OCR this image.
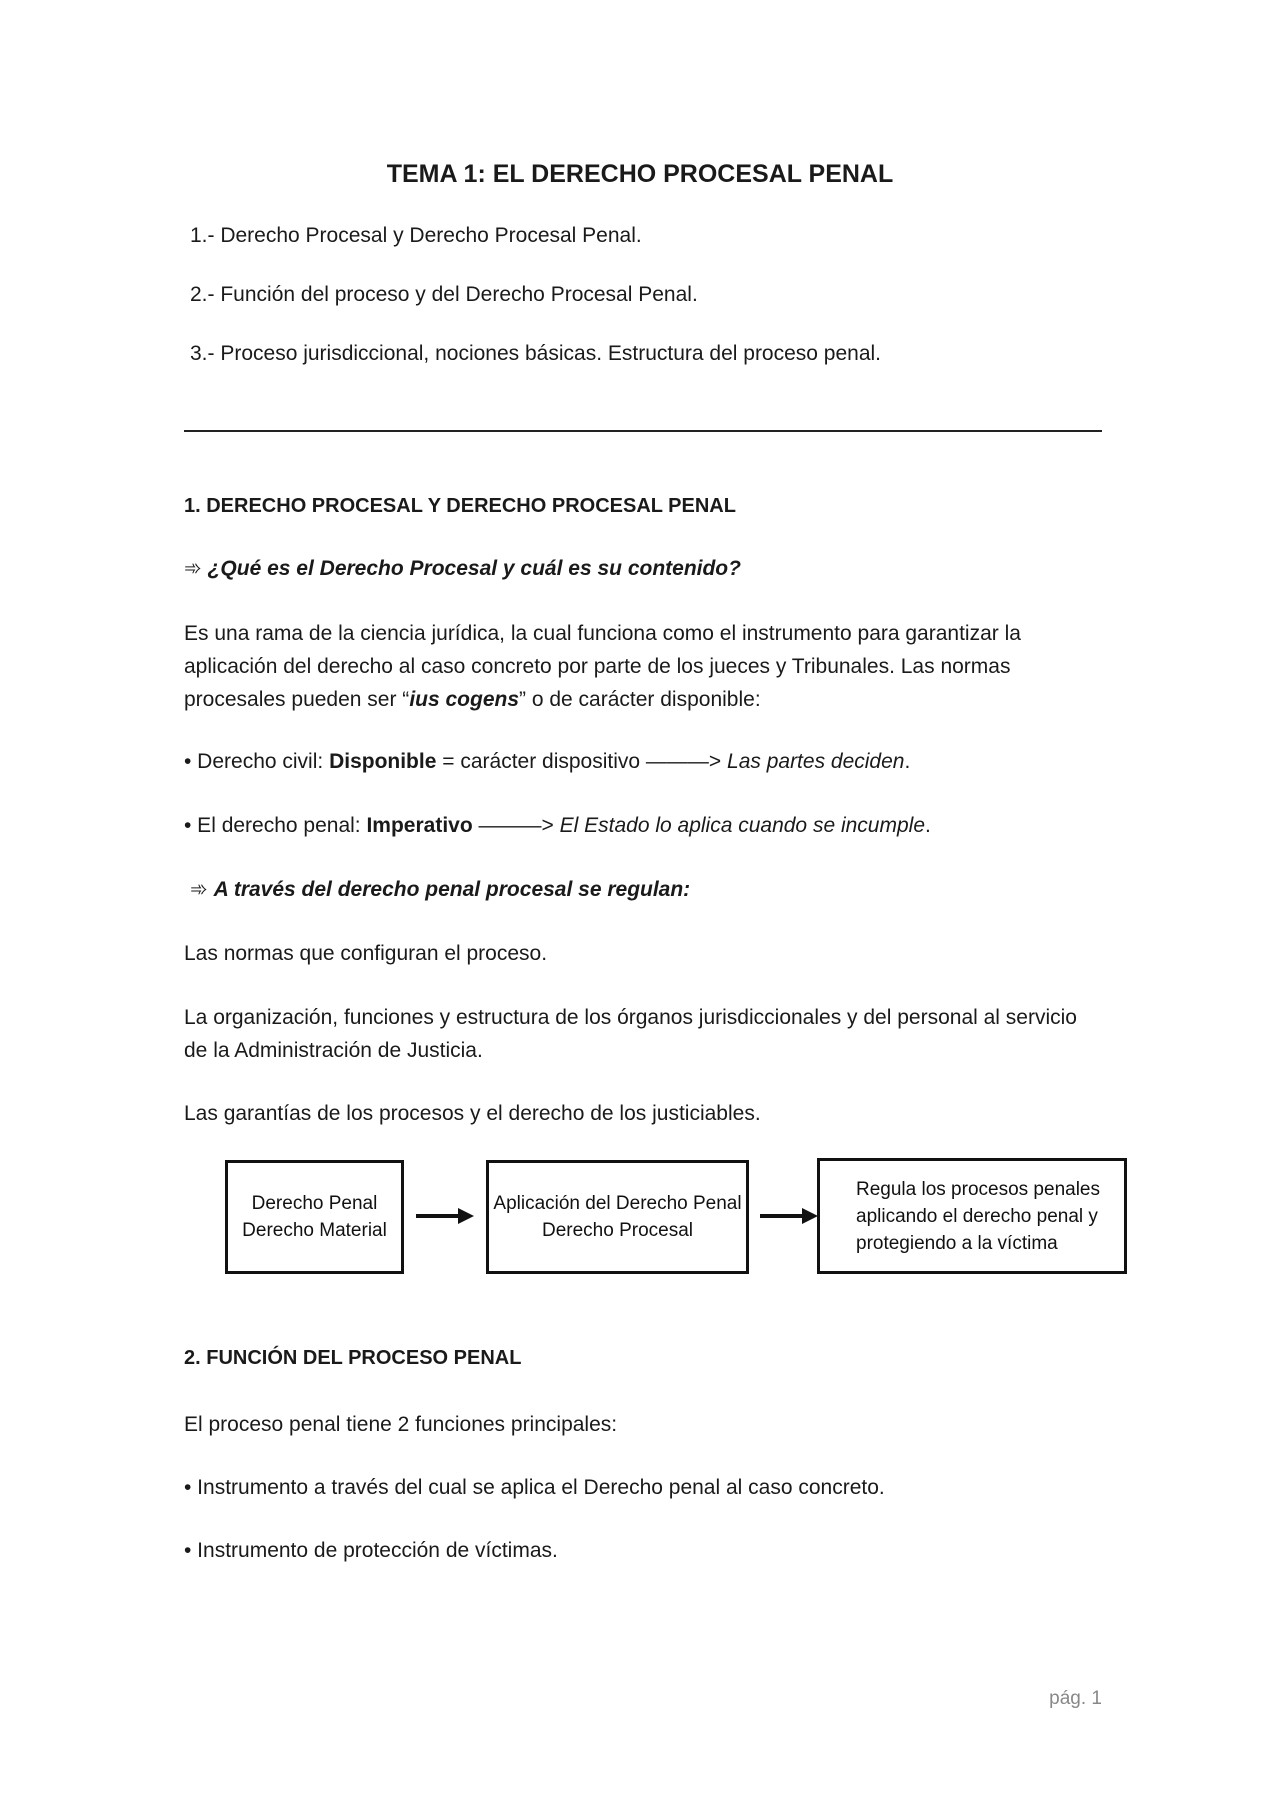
TEMA 1: EL DERECHO PROCESAL PENAL
1.- Derecho Procesal y Derecho Procesal Penal.
2.- Función del proceso y del Derecho Procesal Penal.
3.- Proceso jurisdiccional, nociones básicas. Estructura del proceso penal.
1. DERECHO PROCESAL Y DERECHO PROCESAL PENAL
➾ ¿Qué es el Derecho Procesal y cuál es su contenido?
Es una rama de la ciencia jurídica, la cual funciona como el instrumento para garantizar la
aplicación del derecho al caso concreto por parte de los jueces y Tribunales. Las normas
procesales pueden ser “ius cogens” o de carácter disponible:
• Derecho civil: Disponible = carácter dispositivo ———> Las partes deciden.
• El derecho penal: Imperativo ———> El Estado lo aplica cuando se incumple.
➾ A través del derecho penal procesal se regulan:
Las normas que configuran el proceso.
La organización, funciones y estructura de los órganos jurisdiccionales y del personal al servicio
de la Administración de Justicia.
Las garantías de los procesos y el derecho de los justiciables.
Derecho Penal
Derecho Material
Aplicación del Derecho Penal
Derecho Procesal
Regula los procesos penales
aplicando el derecho penal y
protegiendo a la víctima
2. FUNCIÓN DEL PROCESO PENAL
El proceso penal tiene 2 funciones principales:
• Instrumento a través del cual se aplica el Derecho penal al caso concreto.
• Instrumento de protección de víctimas.
pág. 1
